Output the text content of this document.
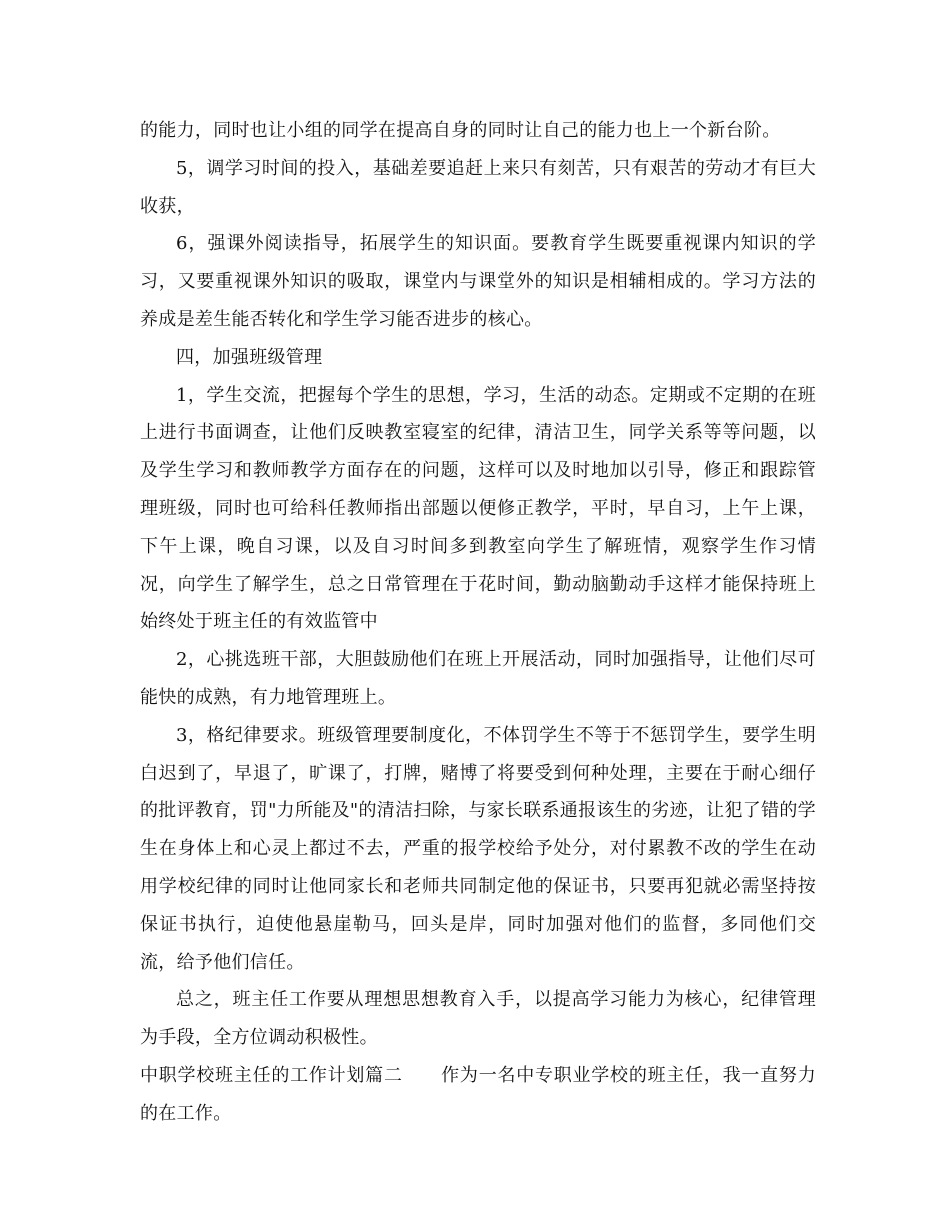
的能力，同时也让小组的同学在提高自身的同时让自己的能力也上一个新台阶。

5，调学习时间的投入，基础差要追赶上来只有刻苦，只有艰苦的劳动才有巨大收获，

6，强课外阅读指导，拓展学生的知识面。要教育学生既要重视课内知识的学习，又要重视课外知识的吸取，课堂内与课堂外的知识是相辅相成的。学习方法的养成是差生能否转化和学生学习能否进步的核心。

四，加强班级管理

1，学生交流，把握每个学生的思想，学习，生活的动态。定期或不定期的在班上进行书面调查，让他们反映教室寝室的纪律，清洁卫生，同学关系等等问题，以及学生学习和教师教学方面存在的问题，这样可以及时地加以引导，修正和跟踪管理班级，同时也可给科任教师指出部题以便修正教学，平时，早自习，上午上课，下午上课，晚自习课，以及自习时间多到教室向学生了解班情，观察学生作习情况，向学生了解学生，总之日常管理在于花时间，勤动脑勤动手这样才能保持班上始终处于班主任的有效监管中

2，心挑选班干部，大胆鼓励他们在班上开展活动，同时加强指导，让他们尽可能快的成熟，有力地管理班上。

3，格纪律要求。班级管理要制度化，不体罚学生不等于不惩罚学生，要学生明白迟到了，早退了，旷课了，打牌，赌博了将要受到何种处理，主要在于耐心细仔的批评教育，罚"力所能及"的清洁扫除，与家长联系通报该生的劣迹，让犯了错的学生在身体上和心灵上都过不去，严重的报学校给予处分，对付累教不改的学生在动用学校纪律的同时让他同家长和老师共同制定他的保证书，只要再犯就必需坚持按保证书执行，迫使他悬崖勒马，回头是岸，同时加强对他们的监督，多同他们交流，给予他们信任。

总之，班主任工作要从理想思想教育入手，以提高学习能力为核心，纪律管理为手段，全方位调动积极性。

中职学校班主任的工作计划篇二 作为一名中专职业学校的班主任，我一直努力的在工作。
